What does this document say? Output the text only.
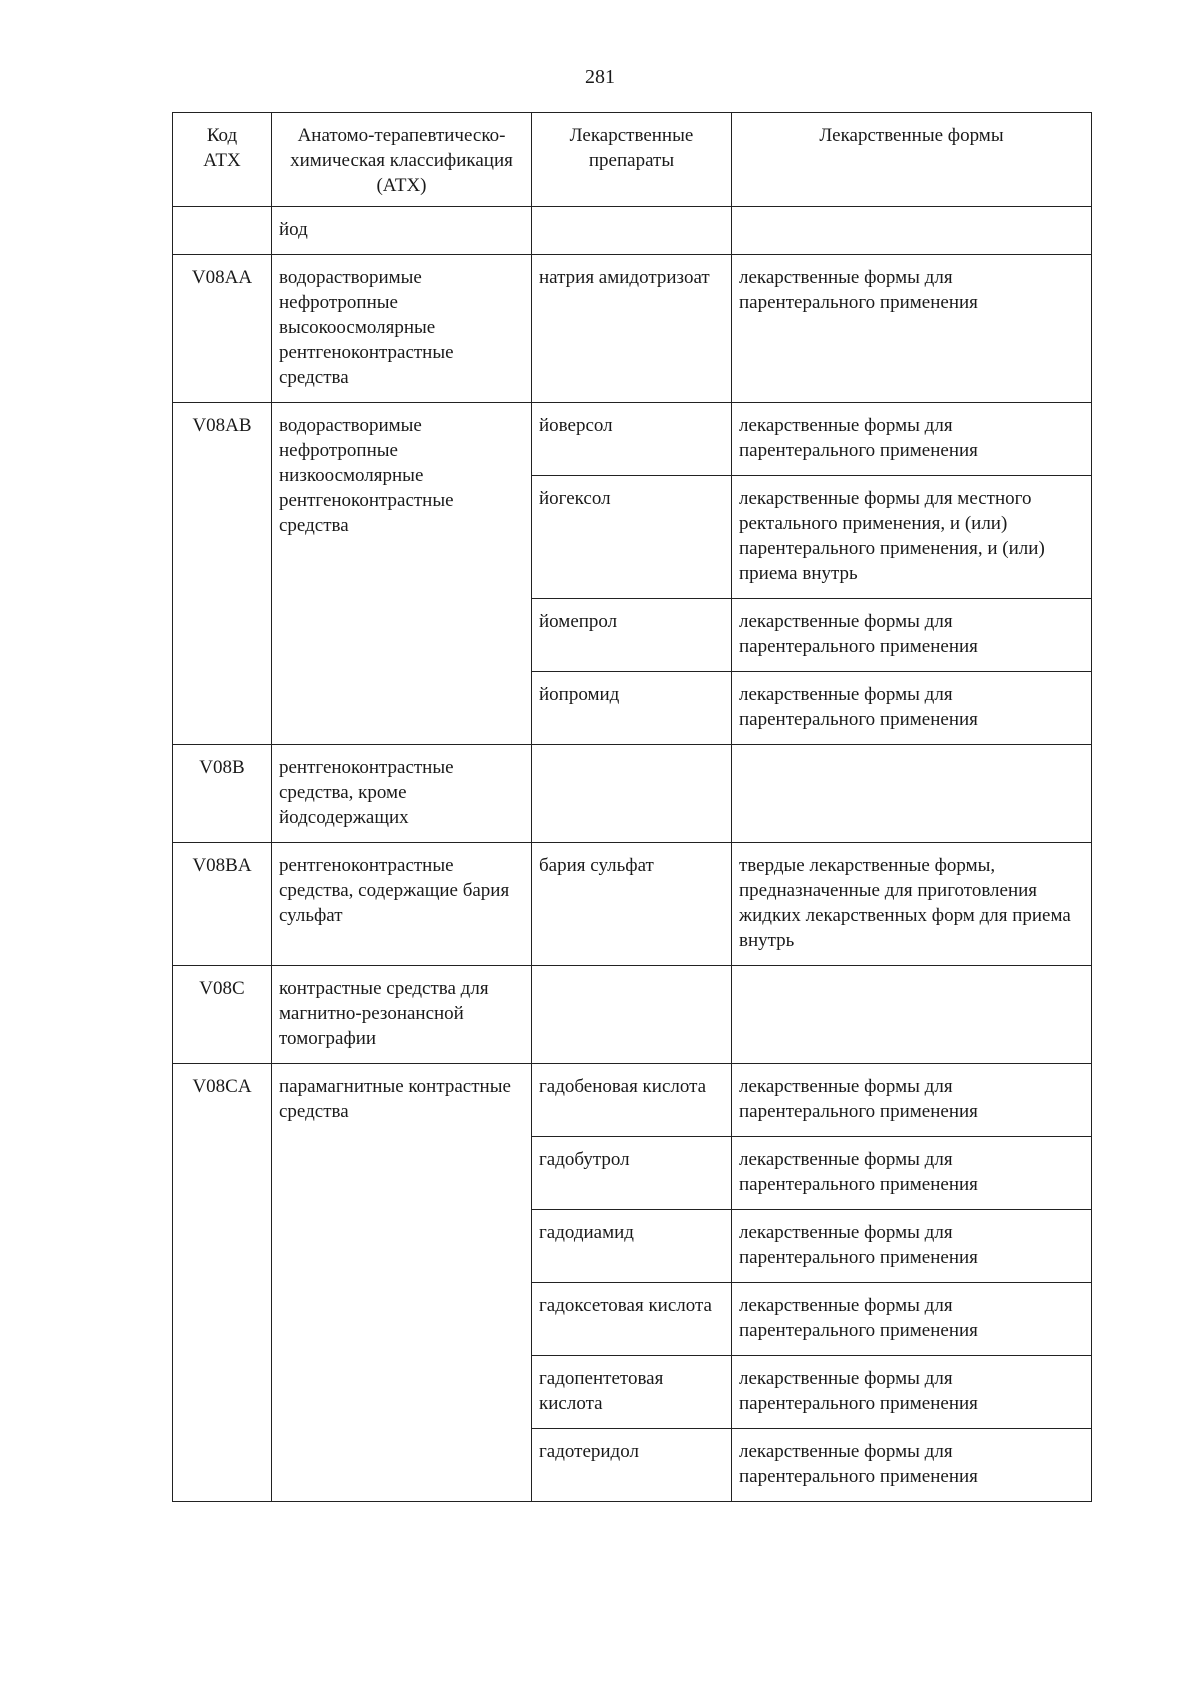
281
Код АТХ	Анатомо-терапевтическо-химическая классификация (АТХ)	Лекарственные препараты	Лекарственные формы
	йод		
V08AA	водорастворимые нефротропные высокоосмолярные рентгеноконтрастные средства	натрия амидотризоат	лекарственные формы для парентерального применения
V08AB	водорастворимые нефротропные низкоосмолярные рентгеноконтрастные средства	йоверсол	лекарственные формы для парентерального применения
		йогексол	лекарственные формы для местного ректального применения, и (или) парентерального применения, и (или) приема внутрь
		йомепрол	лекарственные формы для парентерального применения
		йопромид	лекарственные формы для парентерального применения
V08B	рентгеноконтрастные средства, кроме йодсодержащих		
V08BA	рентгеноконтрастные средства, содержащие бария сульфат	бария сульфат	твердые лекарственные формы, предназначенные для приготовления жидких лекарственных форм для приема внутрь
V08C	контрастные средства для магнитно-резонансной томографии		
V08CA	парамагнитные контрастные средства	гадобеновая кислота	лекарственные формы для парентерального применения
		гадобутрол	лекарственные формы для парентерального применения
		гадодиамид	лекарственные формы для парентерального применения
		гадоксетовая кислота	лекарственные формы для парентерального применения
		гадопентетовая кислота	лекарственные формы для парентерального применения
		гадотеридол	лекарственные формы для парентерального применения
